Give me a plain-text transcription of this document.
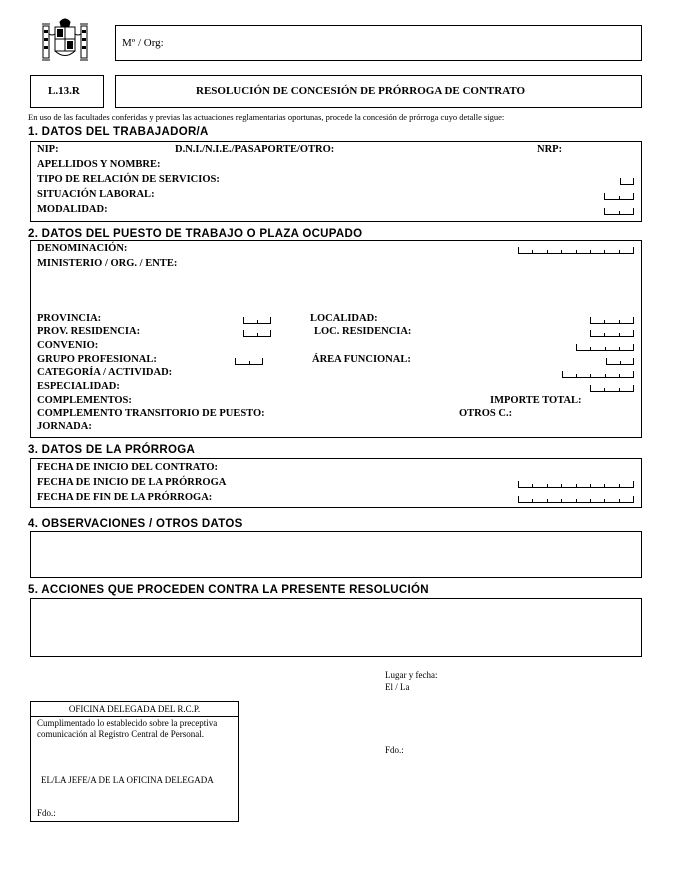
Mº / Org:
L.13.R	RESOLUCIÓN DE CONCESIÓN DE PRÓRROGA DE CONTRATO
En uso de las facultades conferidas y previas las actuaciones reglamentarias oportunas, procede la concesión de prórroga cuyo detalle sigue:
1. DATOS DEL TRABAJADOR/A
NIP:	D.N.I./N.I.E./PASAPORTE/OTRO:	NRP:
APELLIDOS Y NOMBRE:
TIPO DE RELACIÓN DE SERVICIOS:
SITUACIÓN LABORAL:
MODALIDAD:
2. DATOS DEL PUESTO DE TRABAJO O PLAZA OCUPADO
DENOMINACIÓN:
MINISTERIO / ORG. / ENTE:
PROVINCIA:	LOCALIDAD:
PROV. RESIDENCIA:	LOC. RESIDENCIA:
CONVENIO:
GRUPO PROFESIONAL:	ÁREA FUNCIONAL:
CATEGORÍA / ACTIVIDAD:
ESPECIALIDAD:
COMPLEMENTOS:	IMPORTE TOTAL:
COMPLEMENTO TRANSITORIO DE PUESTO:	OTROS C.:
JORNADA:
3. DATOS DE LA PRÓRROGA
FECHA DE INICIO DEL CONTRATO:
FECHA DE INICIO DE LA PRÓRROGA
FECHA DE FIN DE LA PRÓRROGA:
4. OBSERVACIONES / OTROS DATOS
5. ACCIONES QUE PROCEDEN CONTRA LA PRESENTE RESOLUCIÓN
Lugar y fecha:
El / La
Fdo.:
OFICINA DELEGADA DEL R.C.P.
Cumplimentado lo establecido sobre la preceptiva comunicación al Registro Central de Personal.
EL/LA JEFE/A DE LA OFICINA DELEGADA
Fdo.:
